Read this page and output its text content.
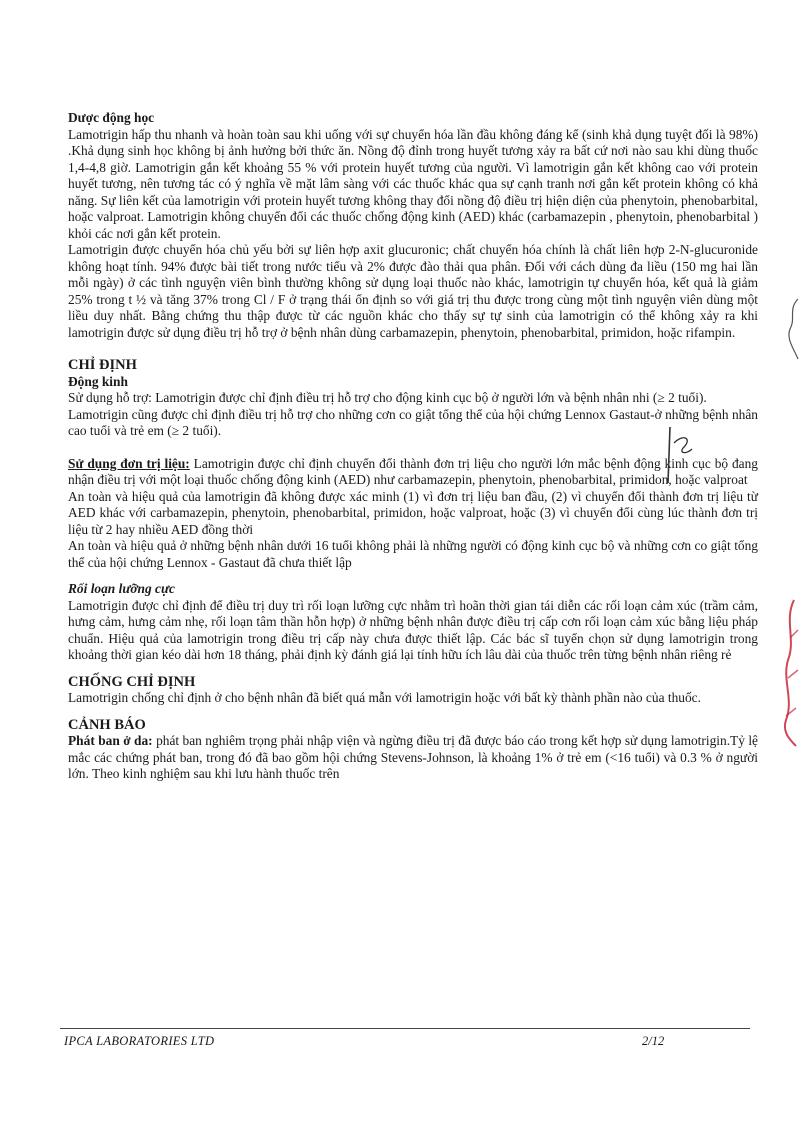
Dược động học

Lamotrigin hấp thu nhanh và hoàn toàn sau khi uống với sự chuyển hóa lần đầu không đáng kể (sinh khả dụng tuyệt đối là 98%) .Khả dụng sinh học không bị ảnh hưởng bởi thức ăn. Nồng độ đỉnh trong huyết tương xảy ra bất cứ nơi nào sau khi dùng thuốc 1,4-4,8 giờ. Lamotrigin gắn kết khoảng 55 % với protein huyết tương của người. Vì lamotrigin gắn kết không cao với protein huyết tương, nên tương tác có ý nghĩa về mặt lâm sàng với các thuốc khác qua sự cạnh tranh nơi gắn kết protein không có khả năng. Sự liên kết của lamotrigin với protein huyết tương không thay đổi nồng độ điều trị hiện diện của phenytoin, phenobarbital, hoặc valproat. Lamotrigin không chuyển đổi các thuốc chống động kinh (AED) khác (carbamazepin , phenytoin, phenobarbital ) khỏi các nơi gắn kết protein.

Lamotrigin được chuyển hóa chủ yếu bởi sự liên hợp axit glucuronic; chất chuyển hóa chính là chất liên hợp 2-N-glucuronide không hoạt tính. 94% được bài tiết trong nước tiểu và 2% được đào thải qua phân. Đối với cách dùng đa liều (150 mg hai lần mỗi ngày) ở các tình nguyện viên bình thường không sử dụng loại thuốc nào khác, lamotrigin tự chuyển hóa, kết quả là giảm 25% trong t ½ và tăng 37% trong Cl / F ở trạng thái ổn định so với giá trị thu được trong cùng một tình nguyện viên dùng một liều duy nhất. Bằng chứng thu thập được từ các nguồn khác cho thấy sự tự sinh của lamotrigin có thể không xảy ra khi lamotrigin được sử dụng điều trị hỗ trợ ở bệnh nhân dùng carbamazepin, phenytoin, phenobarbital, primidon, hoặc rifampin.

CHỈ ĐỊNH

Động kinh

Sử dụng hỗ trợ: Lamotrigin được chỉ định điều trị hỗ trợ cho động kinh cục bộ ở người lớn và bệnh nhân nhi (≥ 2 tuổi).

Lamotrigin cũng được chỉ định điều trị hỗ trợ cho những cơn co giật tổng thể của hội chứng Lennox Gastaut-ở những bệnh nhân cao tuổi và trẻ em (≥ 2 tuổi).

Sử dụng đơn trị liệu: Lamotrigin được chỉ định chuyển đổi thành đơn trị liệu cho người lớn mắc bệnh động kinh cục bộ đang nhận điều trị với một loại thuốc chống động kinh (AED) như carbamazepin, phenytoin, phenobarbital, primidon, hoặc valproat

An toàn và hiệu quả của lamotrigin đã không được xác minh (1) vì đơn trị liệu ban đầu, (2) vì chuyển đổi thành đơn trị liệu từ AED khác với carbamazepin, phenytoin, phenobarbital, primidon, hoặc valproat, hoặc (3) vì chuyển đổi cùng lúc thành đơn trị liệu từ 2 hay nhiều AED đồng thời

An toàn và hiệu quả ở những bệnh nhân dưới 16 tuổi không phải là những người có động kinh cục bộ và những cơn co giật tổng thể của hội chứng Lennox - Gastaut đã chưa thiết lập

Rối loạn lưỡng cực

Lamotrigin được chỉ định để điều trị duy trì rối loạn lưỡng cực nhằm trì hoãn thời gian tái diễn các rối loạn cảm xúc (trầm cảm, hưng cảm, hưng cảm nhẹ, rối loạn tâm thần hỗn hợp) ở những bệnh nhân được điều trị cấp cơn rối loạn cảm xúc bằng liệu pháp chuẩn. Hiệu quả của lamotrigin trong điều trị cấp này chưa được thiết lập. Các bác sĩ tuyển chọn sử dụng lamotrigin trong khoảng thời gian kéo dài hơn 18 tháng, phải định kỳ đánh giá lại tính hữu ích lâu dài của thuốc trên từng bệnh nhân riêng rẻ

CHỐNG CHỈ ĐỊNH

Lamotrigin chống chỉ định ở cho bệnh nhân đã biết quá mẫn với lamotrigin hoặc với bất kỳ thành phần nào của thuốc.

CẢNH BÁO

Phát ban ở da: phát ban nghiêm trọng phải nhập viện và ngừng điều trị đã được báo cáo trong kết hợp sử dụng lamotrigin.Tỷ lệ mắc các chứng phát ban, trong đó đã bao gồm hội chứng Stevens-Johnson, là khoảng 1% ở trẻ em (<16 tuổi) và 0.3 % ở người lớn. Theo kinh nghiệm sau khi lưu hành thuốc trên

IPCA LABORATORIES LTD	2/12
